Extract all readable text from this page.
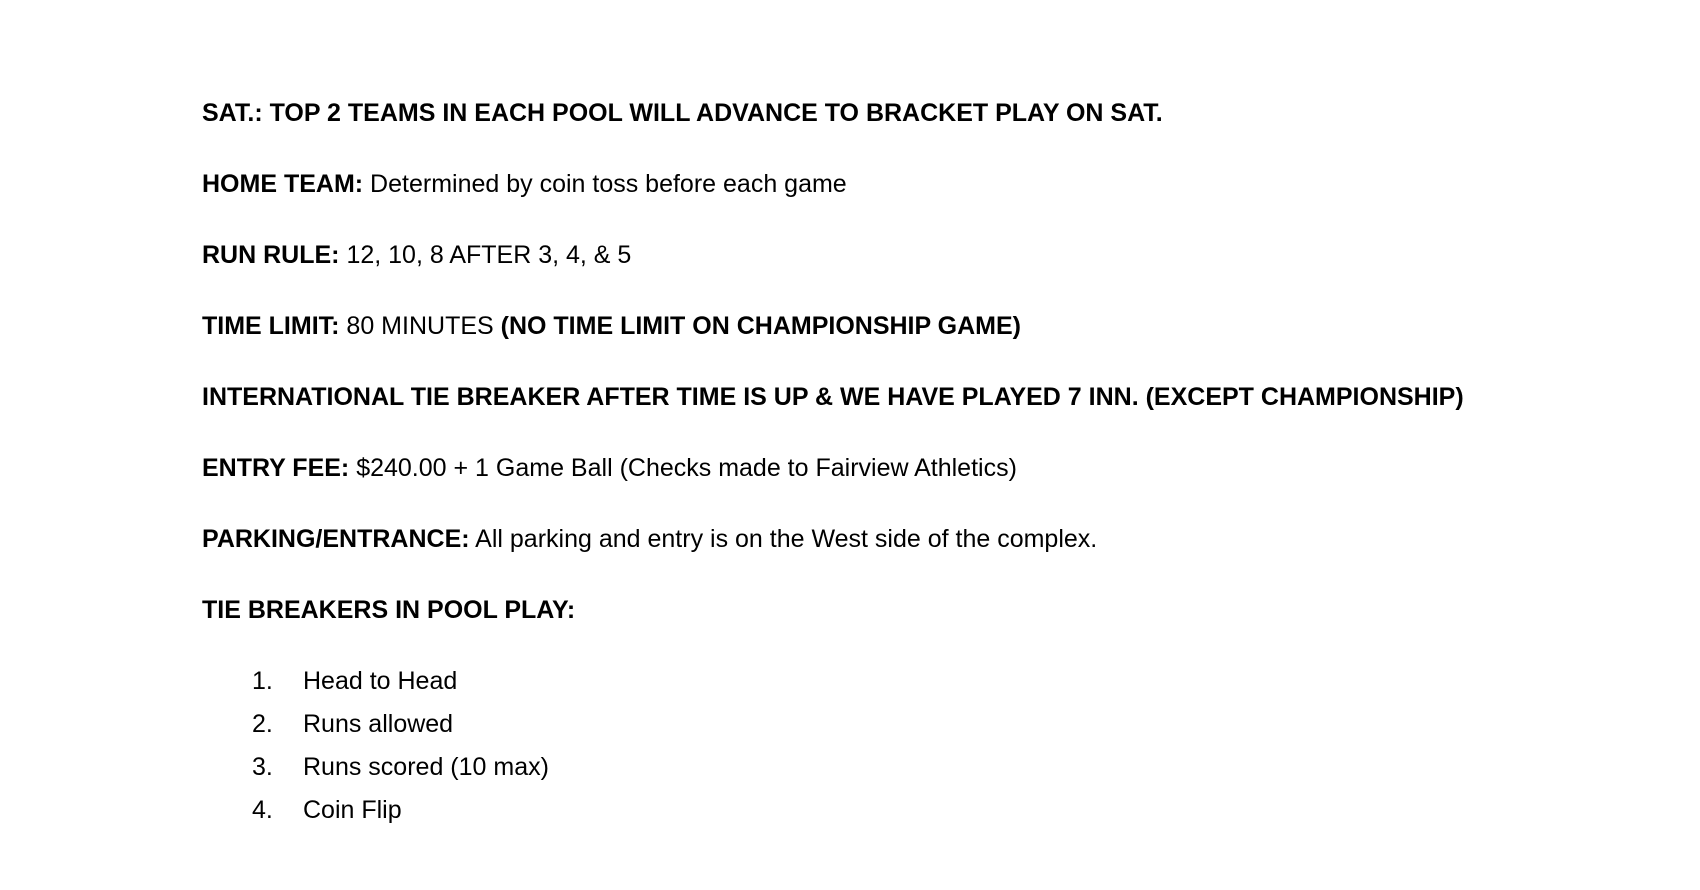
SAT.: TOP 2 TEAMS IN EACH POOL WILL ADVANCE TO BRACKET PLAY ON SAT.

HOME TEAM: Determined by coin toss before each game

RUN RULE: 12, 10, 8 AFTER 3, 4, & 5

TIME LIMIT: 80 MINUTES (NO TIME LIMIT ON CHAMPIONSHIP GAME)

INTERNATIONAL TIE BREAKER AFTER TIME IS UP & WE HAVE PLAYED 7 INN. (EXCEPT CHAMPIONSHIP)

ENTRY FEE: $240.00 + 1 Game Ball (Checks made to Fairview Athletics)

PARKING/ENTRANCE: All parking and entry is on the West side of the complex.

TIE BREAKERS IN POOL PLAY:

1.	Head to Head
2.	Runs allowed
3.	Runs scored (10 max)
4.	Coin Flip
